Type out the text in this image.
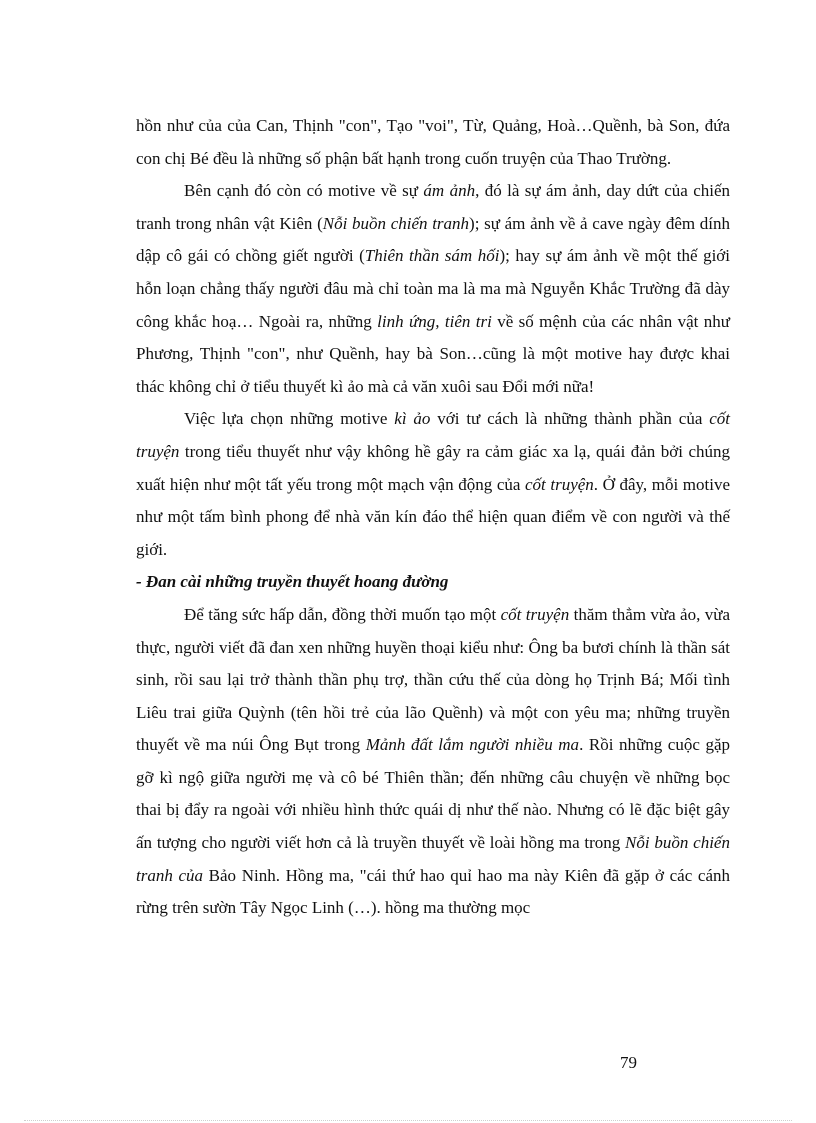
hồn như của của Can, Thịnh "con", Tạo "voi", Từ, Quảng, Hoà…Quềnh, bà Son, đứa con chị Bé đều là những số phận bất hạnh trong cuốn truyện của Thao Trường.

Bên cạnh đó còn có motive về sự ám ảnh, đó là sự ám ảnh, day dứt của chiến tranh trong nhân vật Kiên (Nỗi buồn chiến tranh); sự ám ảnh về ả cave ngày đêm dính dập cô gái có chồng giết người (Thiên thần sám hối); hay sự ám ảnh về một thế giới hỗn loạn chẳng thấy người đâu mà chỉ toàn ma là ma mà Nguyễn Khắc Trường đã dày công khắc hoạ… Ngoài ra, những linh ứng, tiên tri về số mệnh của các nhân vật như Phương, Thịnh "con", như Quềnh, hay bà Son…cũng là một motive hay được khai thác không chỉ ở tiểu thuyết kì ảo mà cả văn xuôi sau Đổi mới nữa!

Việc lựa chọn những motive kì ảo với tư cách là những thành phần của cốt truyện trong tiểu thuyết như vậy không hề gây ra cảm giác xa lạ, quái đản bởi chúng xuất hiện như một tất yếu trong một mạch vận động của cốt truyện. Ở đây, mỗi motive như một tấm bình phong để nhà văn kín đáo thể hiện quan điểm về con người và thế giới.

- Đan cài những truyền thuyết hoang đường

Để tăng sức hấp dẫn, đồng thời muốn tạo một cốt truyện thăm thẳm vừa ảo, vừa thực, người viết đã đan xen những huyền thoại kiểu như: Ông ba bươi chính là thần sát sinh, rồi sau lại trở thành thần phụ trợ, thần cứu thế của dòng họ Trịnh Bá; Mối tình Liêu trai giữa Quỳnh (tên hồi trẻ của lão Quềnh) và một con yêu ma; những truyền thuyết về ma núi Ông Bụt trong Mảnh đất lắm người nhiều ma. Rồi những cuộc gặp gỡ kì ngộ giữa người mẹ và cô bé Thiên thần; đến những câu chuyện về những bọc thai bị đẩy ra ngoài với nhiều hình thức quái dị như thế nào. Nhưng có lẽ đặc biệt gây ấn tượng cho người viết hơn cả là truyền thuyết về loài hồng ma trong Nỗi buồn chiến tranh của Bảo Ninh. Hồng ma, "cái thứ hao quỉ hao ma này Kiên đã gặp ở các cánh rừng trên sườn Tây Ngọc Linh (…). hồng ma thường mọc

79
